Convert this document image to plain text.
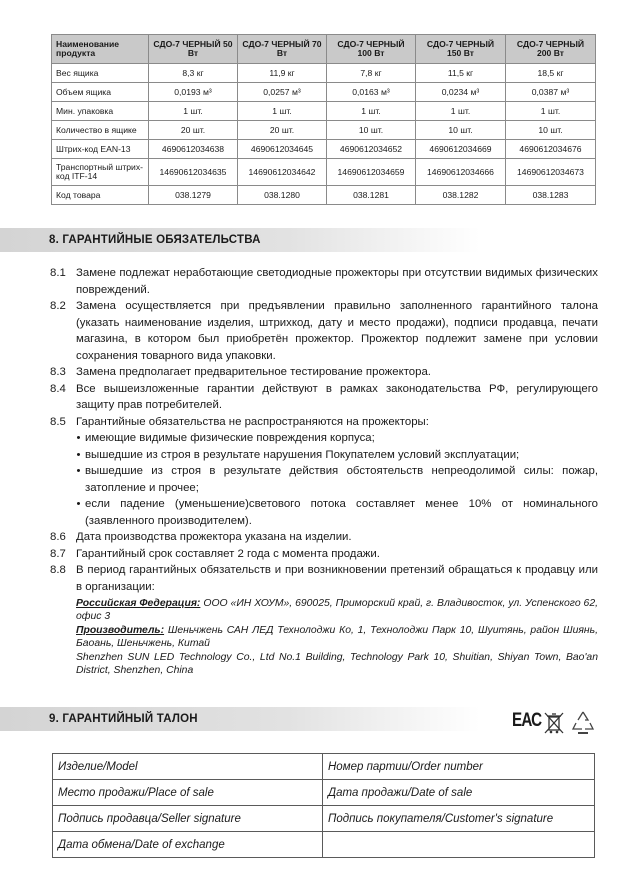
Наименование продукта	СДО-7 ЧЕРНЫЙ 50 Вт	СДО-7 ЧЕРНЫЙ 70 Вт	СДО-7 ЧЕРНЫЙ 100 Вт	СДО-7 ЧЕРНЫЙ 150 Вт	СДО-7 ЧЕРНЫЙ 200 Вт
Вес ящика	8,3 кг	11,9 кг	7,8 кг	11,5 кг	18,5 кг
Объем ящика	0,0193 м³	0,0257 м³	0,0163 м³	0,0234 м³	0,0387 м³
Мин. упаковка	1 шт.	1 шт.	1 шт.	1 шт.	1 шт.
Количество в ящике	20 шт.	20 шт.	10 шт.	10 шт.	10 шт.
Штрих-код EAN-13	4690612034638	4690612034645	4690612034652	4690612034669	4690612034676
Транспортный штрих-код ITF-14	14690612034635	14690612034642	14690612034659	14690612034666	14690612034673
Код товара	038.1279	038.1280	038.1281	038.1282	038.1283
8. ГАРАНТИЙНЫЕ ОБЯЗАТЕЛЬСТВА
8.1 Замене подлежат неработающие светодиодные прожекторы при отсутствии видимых физических повреждений.
8.2 Замена осуществляется при предъявлении правильно заполненного гарантийного талона (указать наименование изделия, штрихкод, дату и место продажи), подписи продавца, печати магазина, в котором был приобретён прожектор. Прожектор подлежит замене при условии сохранения товарного вида упаковки.
8.3 Замена предполагает предварительное тестирование прожектора.
8.4 Все вышеизложенные гарантии действуют в рамках законодательства РФ, регулирующего защиту прав потребителей.
8.5 Гарантийные обязательства не распространяются на прожекторы:
• имеющие видимые физические повреждения корпуса;
• вышедшие из строя в результате нарушения Покупателем условий эксплуатации;
• вышедшие из строя в результате действия обстоятельств непреодолимой силы: пожар, затопление и прочее;
• если падение (уменьшение)светового потока составляет менее 10% от номинального (заявленного производителем).
8.6 Дата производства прожектора указана на изделии.
8.7 Гарантийный срок составляет 2 года с момента продажи.
8.8 В период гарантийных обязательств и при возникновении претензий обращаться к продавцу или в организации:
Российская Федерация: ООО «ИН ХОУМ», 690025, Приморский край, г. Владивосток, ул. Успенского 62, офис 3
Производитель: Шеньчжень САН ЛЕД Технолоджи Ко, 1, Технолоджи Парк 10, Шуитянь, район Шиянь, Баоань, Шеньчжень, Китай
Shenzhen SUN LED Technology Co., Ltd No.1 Building, Technology Park 10, Shuitian, Shiyan Town, Bao'an District, Shenzhen, China
9. ГАРАНТИЙНЫЙ ТАЛОН	ЕАС
Изделие/Model	Номер партии/Order number
Место продажи/Place of sale	Дата продажи/Date of sale
Подпись продавца/Seller signature	Подпись покупателя/Customer's signature
Дата обмена/Date of exchange	
